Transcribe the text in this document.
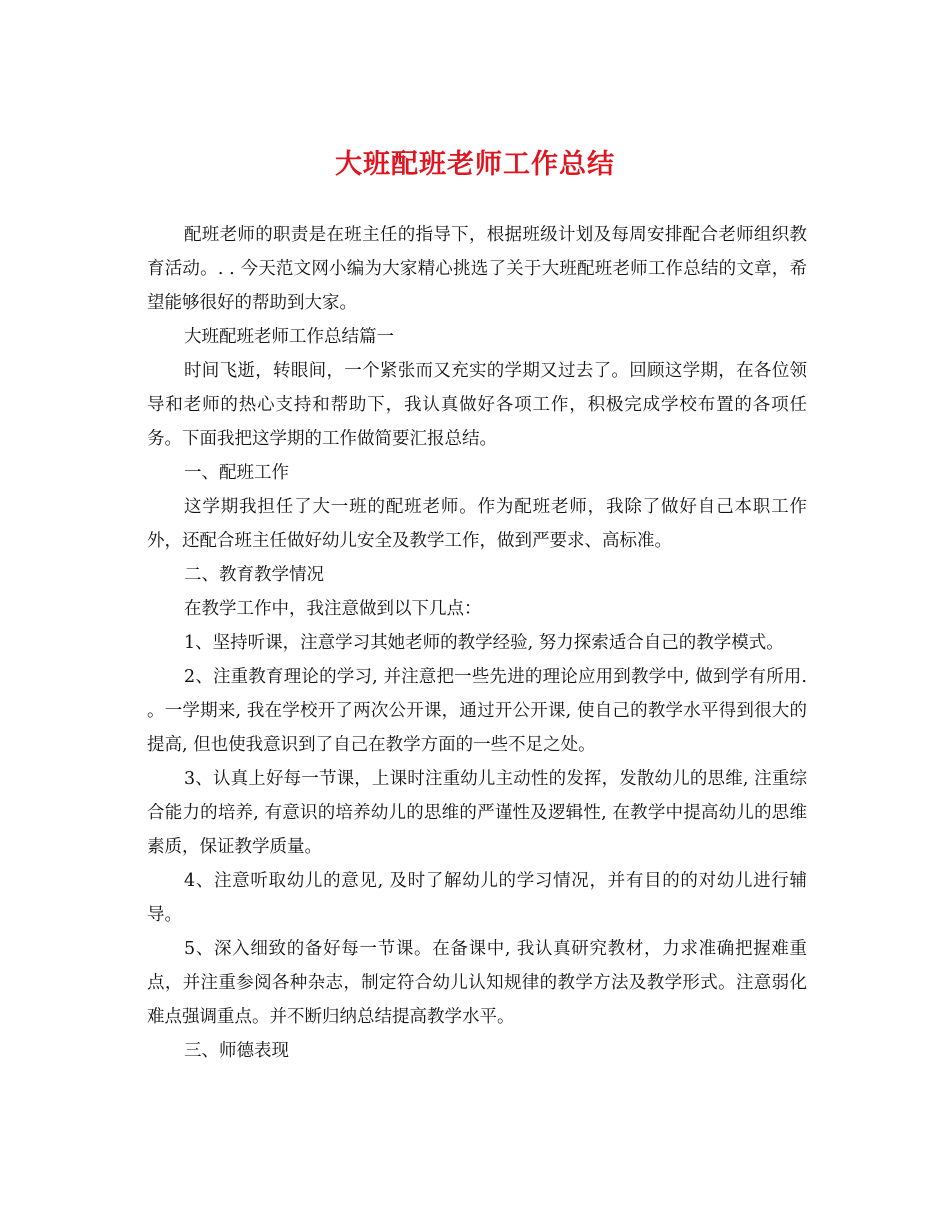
大班配班老师工作总结

配班老师的职责是在班主任的指导下，根据班级计划及每周安排配合老师组织教育活动。. . 今天范文网小编为大家精心挑选了关于大班配班老师工作总结的文章，希望能够很好的帮助到大家。

大班配班老师工作总结篇一

时间飞逝，转眼间，一个紧张而又充实的学期又过去了。回顾这学期，在各位领导和老师的热心支持和帮助下，我认真做好各项工作，积极完成学校布置的各项任务。下面我把这学期的工作做简要汇报总结。

一、配班工作

这学期我担任了大一班的配班老师。作为配班老师，我除了做好自己本职工作外，还配合班主任做好幼儿安全及教学工作，做到严要求、高标准。

二、教育教学情况

在教学工作中，我注意做到以下几点：

1、坚持听课，注意学习其她老师的教学经验, 努力探索适合自己的教学模式。

2、注重教育理论的学习, 并注意把一些先进的理论应用到教学中, 做到学有所用. 。一学期来, 我在学校开了两次公开课，通过开公开课, 使自己的教学水平得到很大的提高, 但也使我意识到了自己在教学方面的一些不足之处。

3、认真上好每一节课，上课时注重幼儿主动性的发挥，发散幼儿的思维, 注重综合能力的培养, 有意识的培养幼儿的思维的严谨性及逻辑性, 在教学中提高幼儿的思维素质，保证教学质量。

4、注意听取幼儿的意见, 及时了解幼儿的学习情况，并有目的的对幼儿进行辅导。

5、深入细致的备好每一节课。在备课中, 我认真研究教材，力求准确把握难重点，并注重参阅各种杂志，制定符合幼儿认知规律的教学方法及教学形式。注意弱化难点强调重点。并不断归纳总结提高教学水平。

三、师德表现
